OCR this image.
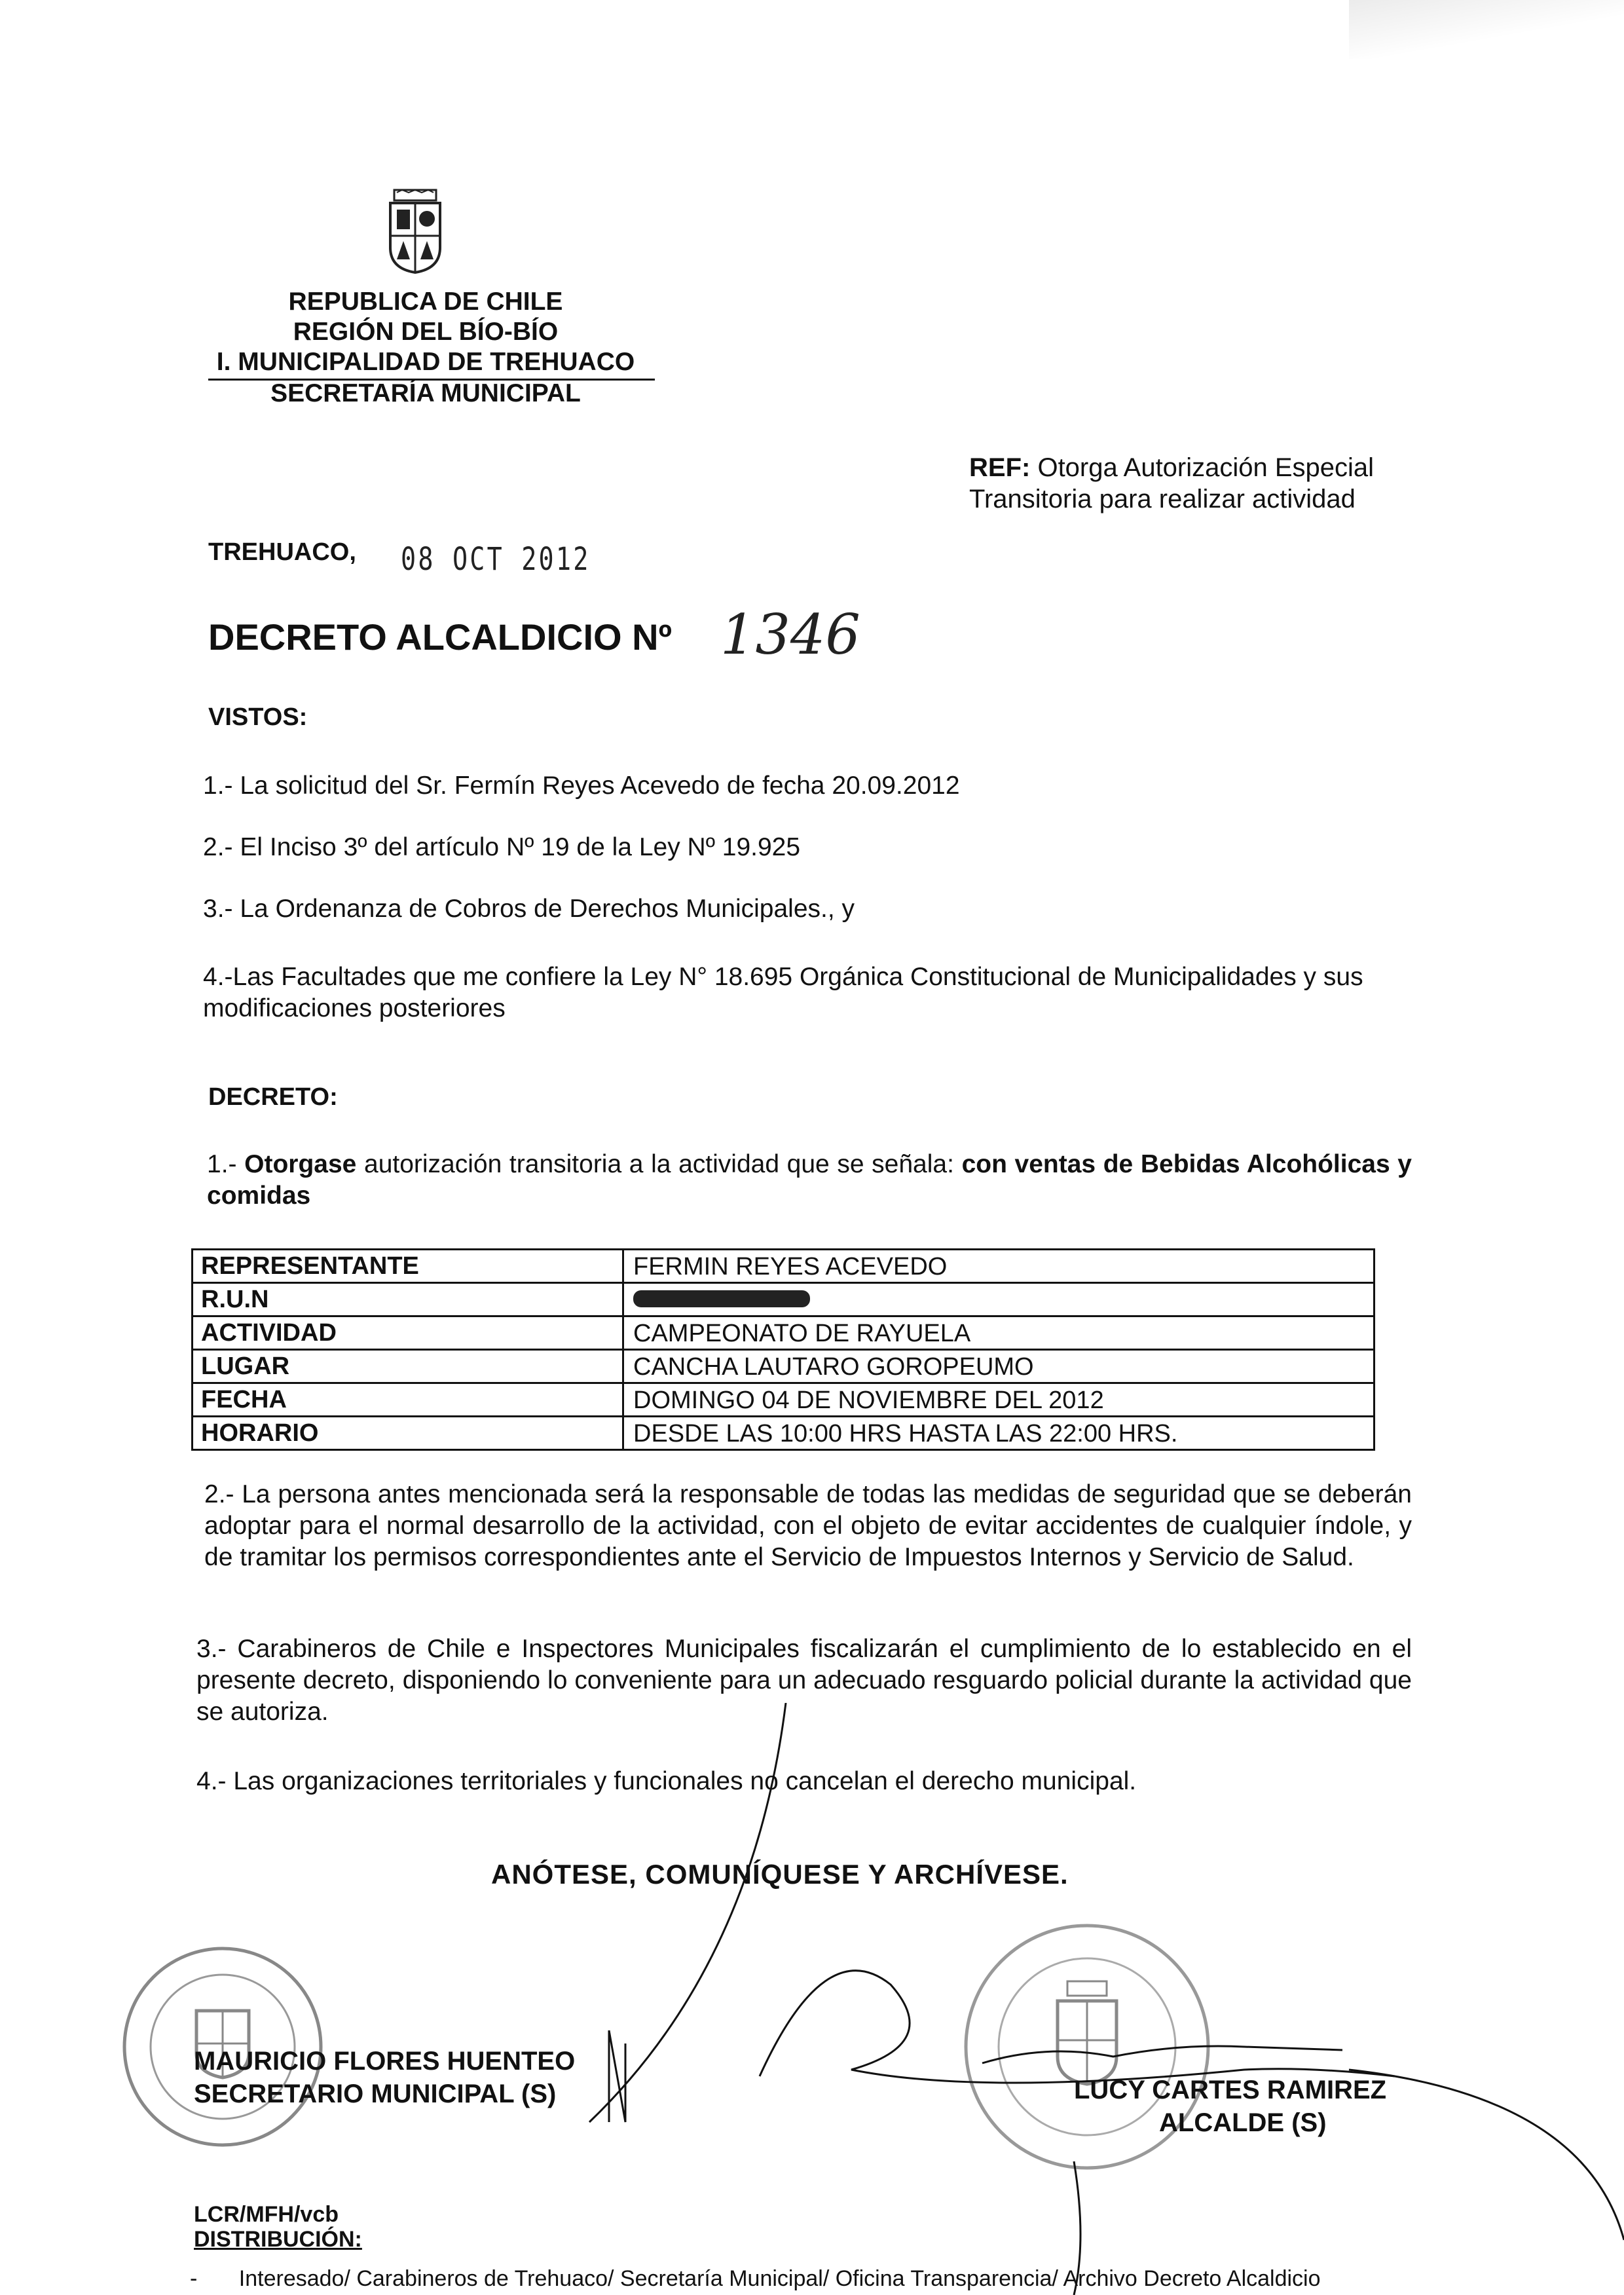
REPUBLICA DE CHILE
REGIÓN DEL BÍO-BÍO
I. MUNICIPALIDAD DE TREHUACO
SECRETARÍA MUNICIPAL
REF: Otorga Autorización Especial
Transitoria para realizar actividad
TREHUACO, 08 OCT 2012
DECRETO ALCALDICIO Nº 1346
VISTOS:
1.- La solicitud del Sr. Fermín Reyes Acevedo de fecha 20.09.2012
2.- El Inciso 3º del artículo Nº 19 de la Ley Nº 19.925
3.- La Ordenanza de Cobros de Derechos Municipales., y
4.-Las Facultades que me confiere la Ley N° 18.695 Orgánica Constitucional de Municipalidades y sus modificaciones posteriores
DECRETO:
1.- Otorgase autorización transitoria a la actividad que se señala: con ventas de Bebidas Alcohólicas y comidas
REPRESENTANTE	FERMIN REYES ACEVEDO
R.U.N
ACTIVIDAD	CAMPEONATO DE RAYUELA
LUGAR	CANCHA LAUTARO GOROPEUMO
FECHA	DOMINGO 04 DE NOVIEMBRE DEL 2012
HORARIO	DESDE LAS 10:00 HRS HASTA LAS 22:00 HRS.
2.- La persona antes mencionada será la responsable de todas las medidas de seguridad que se deberán adoptar para el normal desarrollo de la actividad, con el objeto de evitar accidentes de cualquier índole, y de tramitar los permisos correspondientes ante el Servicio de Impuestos Internos y Servicio de Salud.
3.- Carabineros de Chile e Inspectores Municipales fiscalizarán el cumplimiento de lo establecido en el presente decreto, disponiendo lo conveniente para un adecuado resguardo policial durante la actividad que se autoriza.
4.- Las organizaciones territoriales y funcionales no cancelan el derecho municipal.
ANÓTESE, COMUNÍQUESE Y ARCHÍVESE.
MAURICIO FLORES HUENTEO
SECRETARIO MUNICIPAL (S)	LUCY CARTES RAMIREZ
ALCALDE (S)
LCR/MFH/vcb
DISTRIBUCIÓN:
- Interesado/ Carabineros de Trehuaco/ Secretaría Municipal/ Oficina Transparencia/ Archivo Decreto Alcaldicio
